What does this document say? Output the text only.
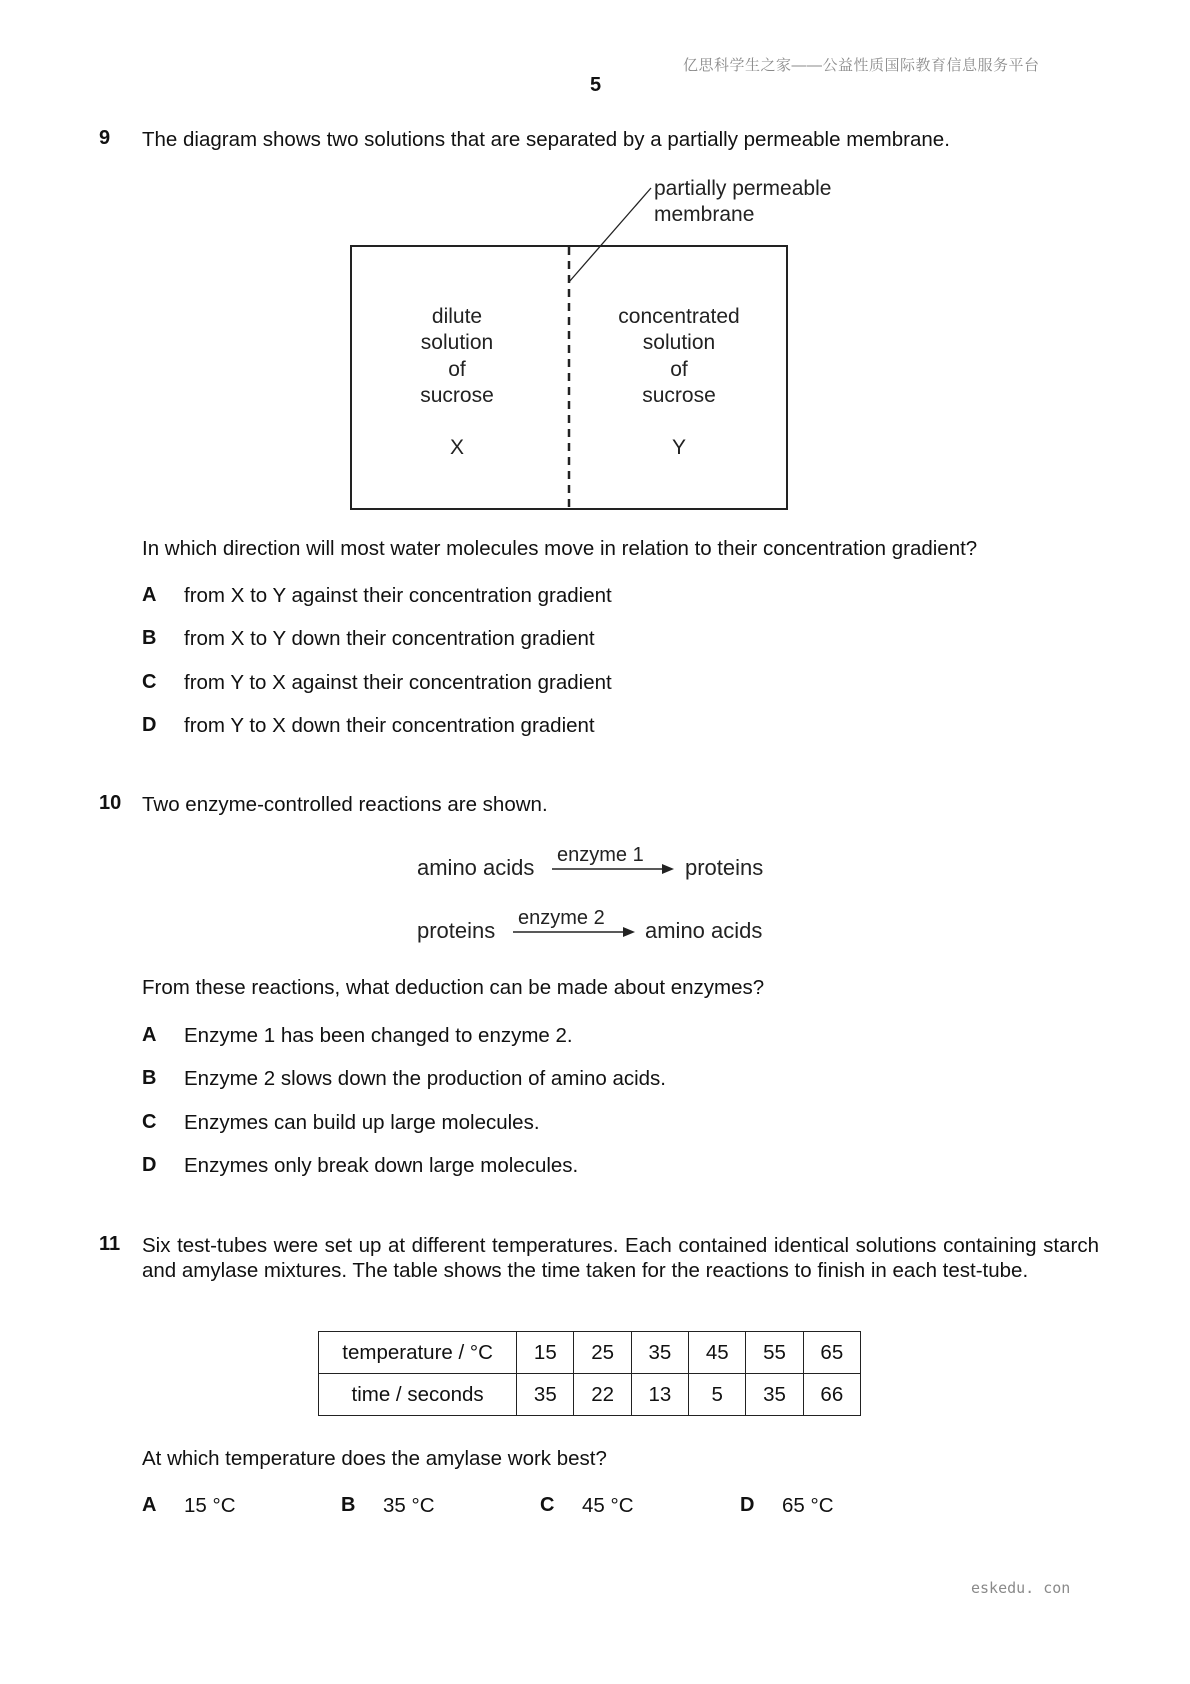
亿思科学生之家——公益性质国际教育信息服务平台
5
9 The diagram shows two solutions that are separated by a partially permeable membrane.
partially permeable
membrane
dilute
solution
of
sucrose
X
concentrated
solution
of
sucrose
Y
In which direction will most water molecules move in relation to their concentration gradient?
A from X to Y against their concentration gradient
B from X to Y down their concentration gradient
C from Y to X against their concentration gradient
D from Y to X down their concentration gradient
10 Two enzyme-controlled reactions are shown.
amino acids enzyme 1 proteins
proteins enzyme 2 amino acids
From these reactions, what deduction can be made about enzymes?
A Enzyme 1 has been changed to enzyme 2.
B Enzyme 2 slows down the production of amino acids.
C Enzymes can build up large molecules.
D Enzymes only break down large molecules.
11 Six test-tubes were set up at different temperatures. Each contained identical solutions containing starch and amylase mixtures. The table shows the time taken for the reactions to finish in each test-tube.
temperature / °C	15	25	35	45	55	65
time / seconds	35	22	13	5	35	66
At which temperature does the amylase work best?
A 15 °C	B 35 °C	C 45 °C	D 65 °C
eskedu. con
